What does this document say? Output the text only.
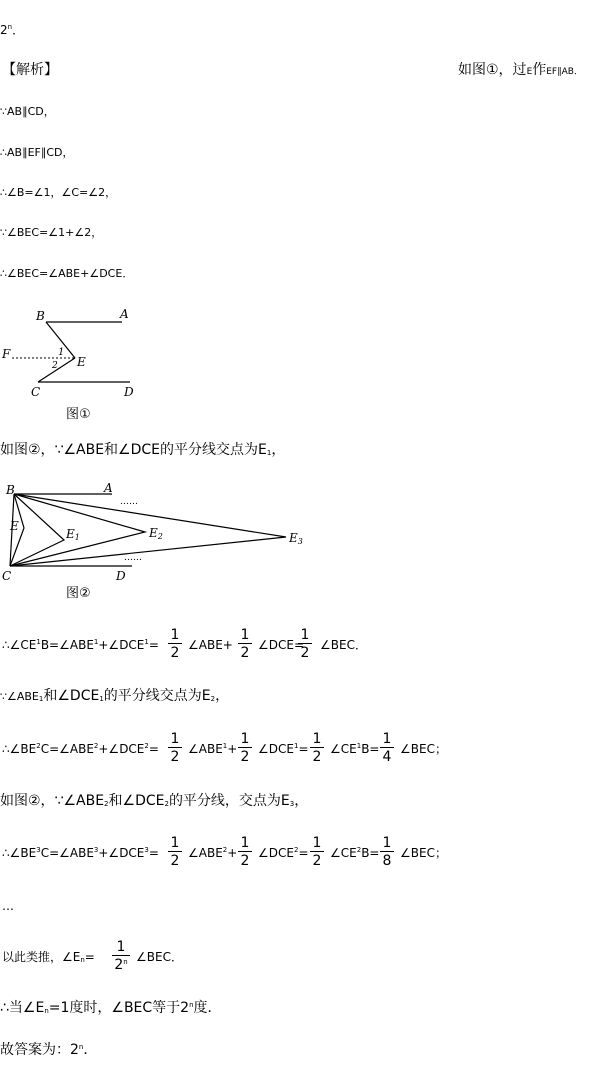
2$^n$．
【解析】	如图①，过E作EF∥AB．
∵AB∥CD，
∴AB∥EF∥CD，
∴∠B=∠1，∠C=∠2，
∵∠BEC=∠1+∠2，
∴∠BEC=∠ABE+∠DCE．
B	A
F
E
C	D
1
2
图①
如图②，∵∠ABE和∠DCE的平分线交点为$E_1$，
B	A
E
E1	E2	E3
C	D
……
……
图②
$\therefore\angle CE^1B=\angle ABE^1+\angle DCE^1= \frac{1}{2}$ ∠ABE+ $\frac{1}{2}$ ∠DCE=
$\frac{1}{2}$ ∠BEC．
$\because\angle ABE_1$和$\angle DCE_1$的平分线交点为$E_2$，
$\therefore\angle BE^2C=\angle ABE^2+\angle DCE^2= \frac{1}{2}$ $\angle ABE^1+ \frac{1}{2}$ $\angle DCE^1= \frac{1}{2}$ $\angle CE^1B= \frac{1}{4}$ ∠BEC；
如图②，$\because\angle ABE_2$和$\angle DCE_2$的平分线，交点为$E_3$，
$\therefore\angle BE^3C=\angle ABE^3+\angle DCE^3= \frac{1}{2}$ $\angle ABE^2+ \frac{1}{2}$ $\angle DCE^2= \frac{1}{2}$ $\angle CE^2B= \frac{1}{8}$ ∠BEC；
…
以此类推，$\angle E_n= \frac{1}{2^n}$ ∠BEC．
∴当$\angle E_n=1$度时，∠BEC等于2$^n$度．
故答案为：2$^n$．
